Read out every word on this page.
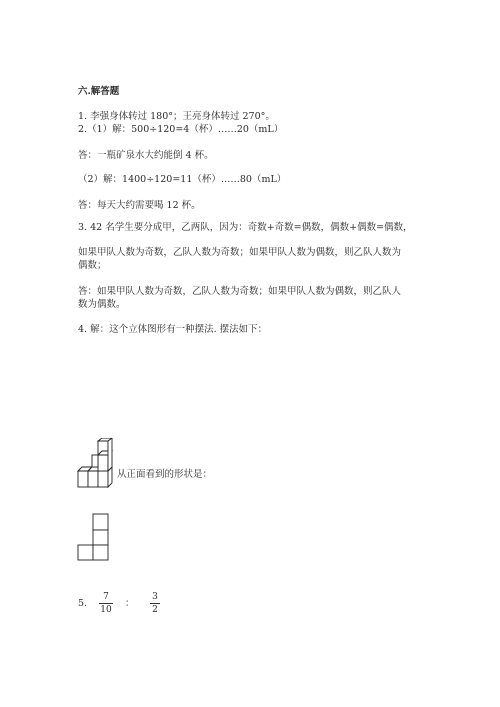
六.解答题
1. 李强身体转过 180°；王亮身体转过 270°。
2.（1）解：500÷120=4（杯）……20（mL）
答：一瓶矿泉水大约能倒 4 杯。
（2）解：1400÷120=11（杯）……80（mL）
答：每天大约需要喝 12 杯。
3. 42 名学生要分成甲，乙两队，因为：奇数+奇数=偶数，偶数+偶数=偶数，
如果甲队人数为奇数，乙队人数为奇数；如果甲队人数为偶数，则乙队人数为
偶数；
答：如果甲队人数为奇数，乙队人数为奇数；如果甲队人数为偶数，则乙队人
数为偶数。
4. 解：这个立体图形有一种摆法. 摆法如下：
从正面看到的形状是：
5.
7
10
：
3
2
